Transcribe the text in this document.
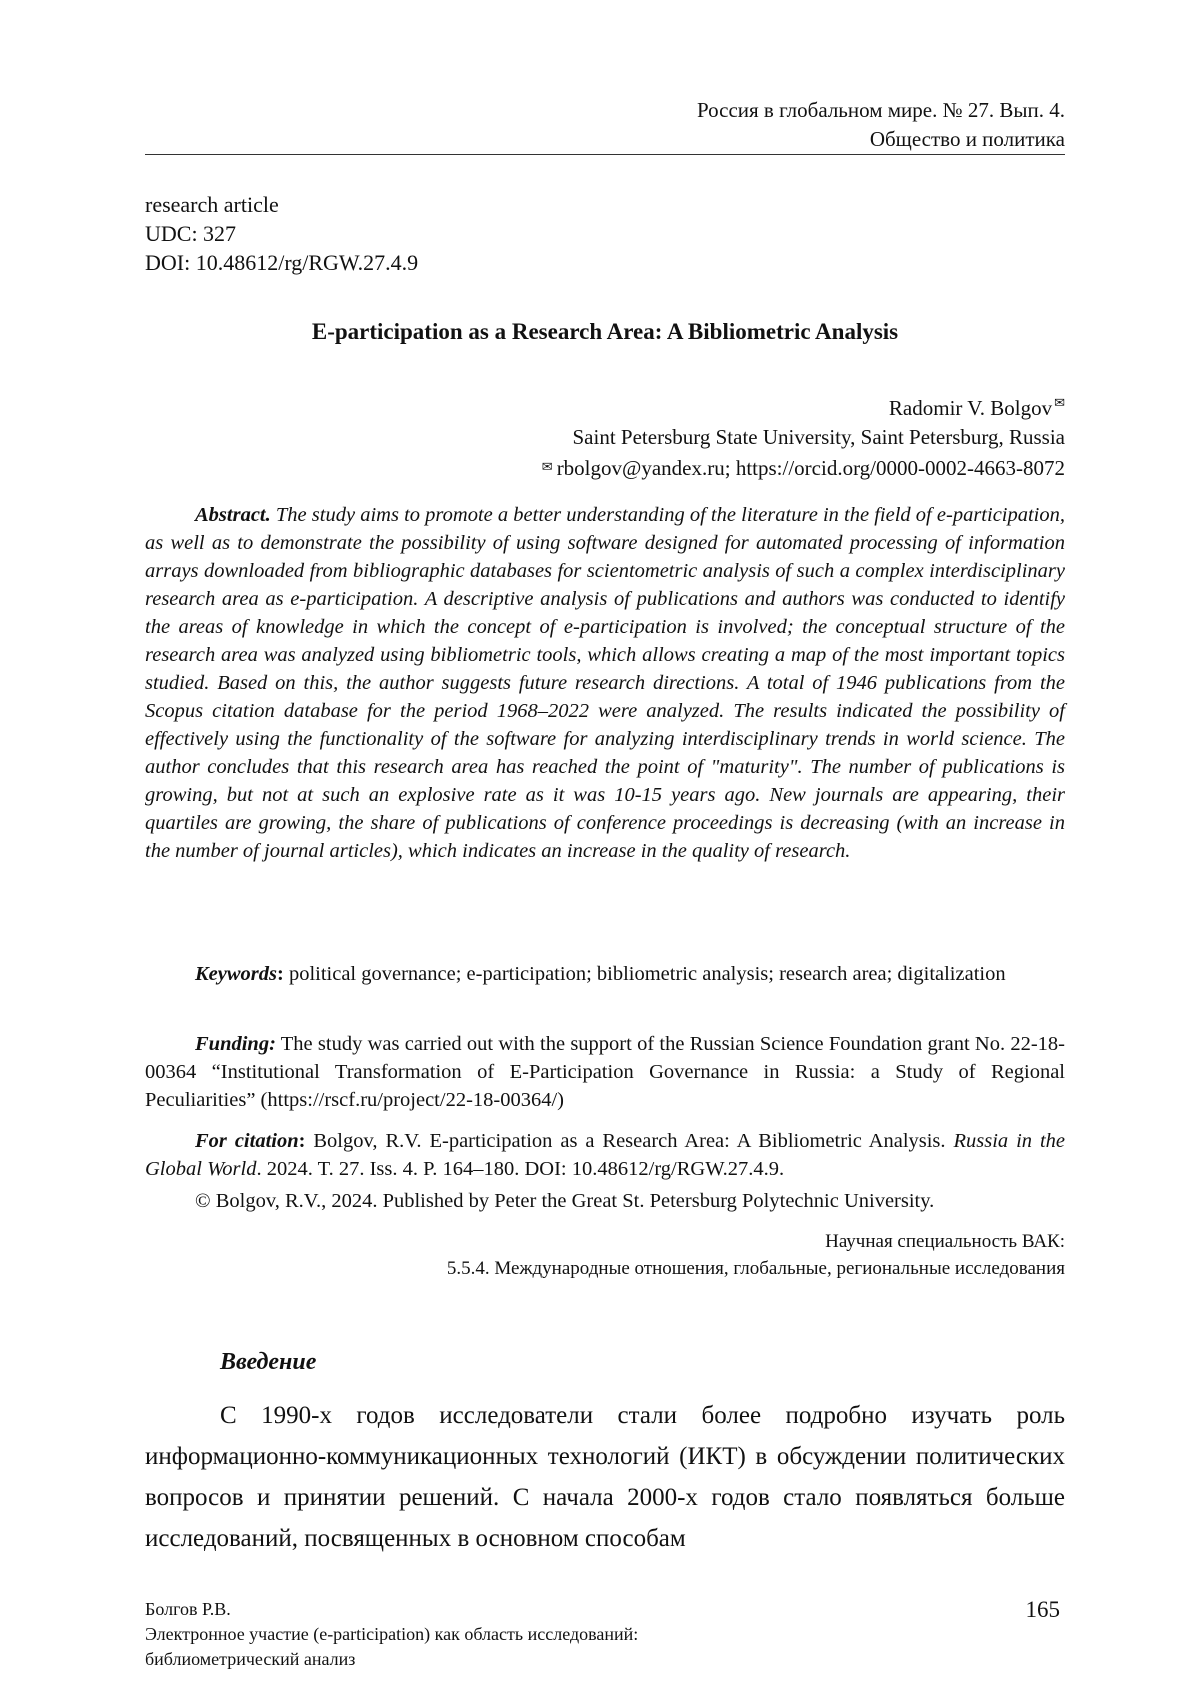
Россия в глобальном мире. № 27. Вып. 4.
Общество и политика
research article
UDC: 327
DOI: 10.48612/rg/RGW.27.4.9
E-participation as a Research Area: A Bibliometric Analysis
Radomir V. Bolgov ✉
Saint Petersburg State University, Saint Petersburg, Russia
✉ rbolgov@yandex.ru; https://orcid.org/0000-0002-4663-8072
Abstract. The study aims to promote a better understanding of the literature in the field of e-participation, as well as to demonstrate the possibility of using software designed for automated processing of information arrays downloaded from bibliographic databases for scientometric analysis of such a complex interdisciplinary research area as e-participation. A descriptive analysis of publications and authors was conducted to identify the areas of knowledge in which the concept of e-participation is involved; the conceptual structure of the research area was analyzed using bibliometric tools, which allows creating a map of the most important topics studied. Based on this, the author suggests future research directions. A total of 1946 publications from the Scopus citation database for the period 1968–2022 were analyzed. The results indicated the possibility of effectively using the functionality of the software for analyzing interdisciplinary trends in world science. The author concludes that this research area has reached the point of "maturity". The number of publications is growing, but not at such an explosive rate as it was 10-15 years ago. New journals are appearing, their quartiles are growing, the share of publications of conference proceedings is decreasing (with an increase in the number of journal articles), which indicates an increase in the quality of research.
Keywords: political governance; e-participation; bibliometric analysis; research area; digitalization
Funding: The study was carried out with the support of the Russian Science Foundation grant No. 22-18-00364 “Institutional Transformation of E-Participation Governance in Russia: a Study of Regional Peculiarities” (https://rscf.ru/project/22-18-00364/)
For citation: Bolgov, R.V. E-participation as a Research Area: A Bibliometric Analysis. Russia in the Global World. 2024. T. 27. Iss. 4. P. 164–180. DOI: 10.48612/rg/RGW.27.4.9.
© Bolgov, R.V., 2024. Published by Peter the Great St. Petersburg Polytechnic University.
Научная специальность ВАК:
5.5.4. Международные отношения, глобальные, региональные исследования
Введение
С 1990-х годов исследователи стали более подробно изучать роль информационно-коммуникационных технологий (ИКТ) в обсуждении политических вопросов и принятии решений. С начала 2000-х годов стало появляться больше исследований, посвященных в основном способам
Болгов Р.В.
Электронное участие (e-participation) как область исследований:
библиометрический анализ
165
